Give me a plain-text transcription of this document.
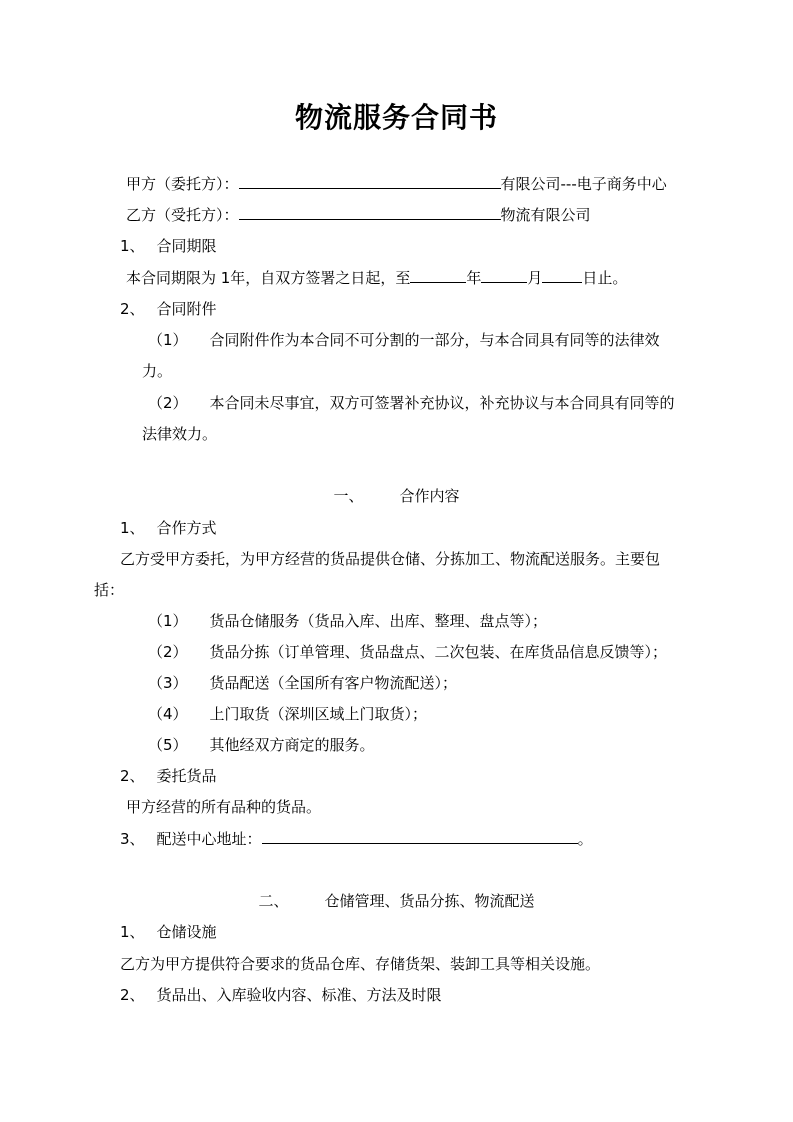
物流服务合同书
甲方（委托方）：	有限公司---电子商务中心
乙方（受托方）：	物流有限公司
1、 合同期限
本合同期限为 1年，自双方签署之日起，至	年	月	日止。
2、 合同附件
（1） 合同附件作为本合同不可分割的一部分，与本合同具有同等的法律效
力。
（2） 本合同未尽事宜，双方可签署补充协议，补充协议与本合同具有同等的
法律效力。
一、 合作内容
1、 合作方式
乙方受甲方委托，为甲方经营的货品提供仓储、分拣加工、物流配送服务。主要包
括：
（1） 货品仓储服务（货品入库、出库、整理、盘点等）；
（2） 货品分拣（订单管理、货品盘点、二次包装、在库货品信息反馈等）；
（3） 货品配送（全国所有客户物流配送）；
（4） 上门取货（深圳区域上门取货）；
（5） 其他经双方商定的服务。
2、 委托货品
甲方经营的所有品种的货品。
3、 配送中心地址：	。
二、 仓储管理、货品分拣、物流配送
1、 仓储设施
乙方为甲方提供符合要求的货品仓库、存储货架、装卸工具等相关设施。
2、 货品出、入库验收内容、标准、方法及时限
